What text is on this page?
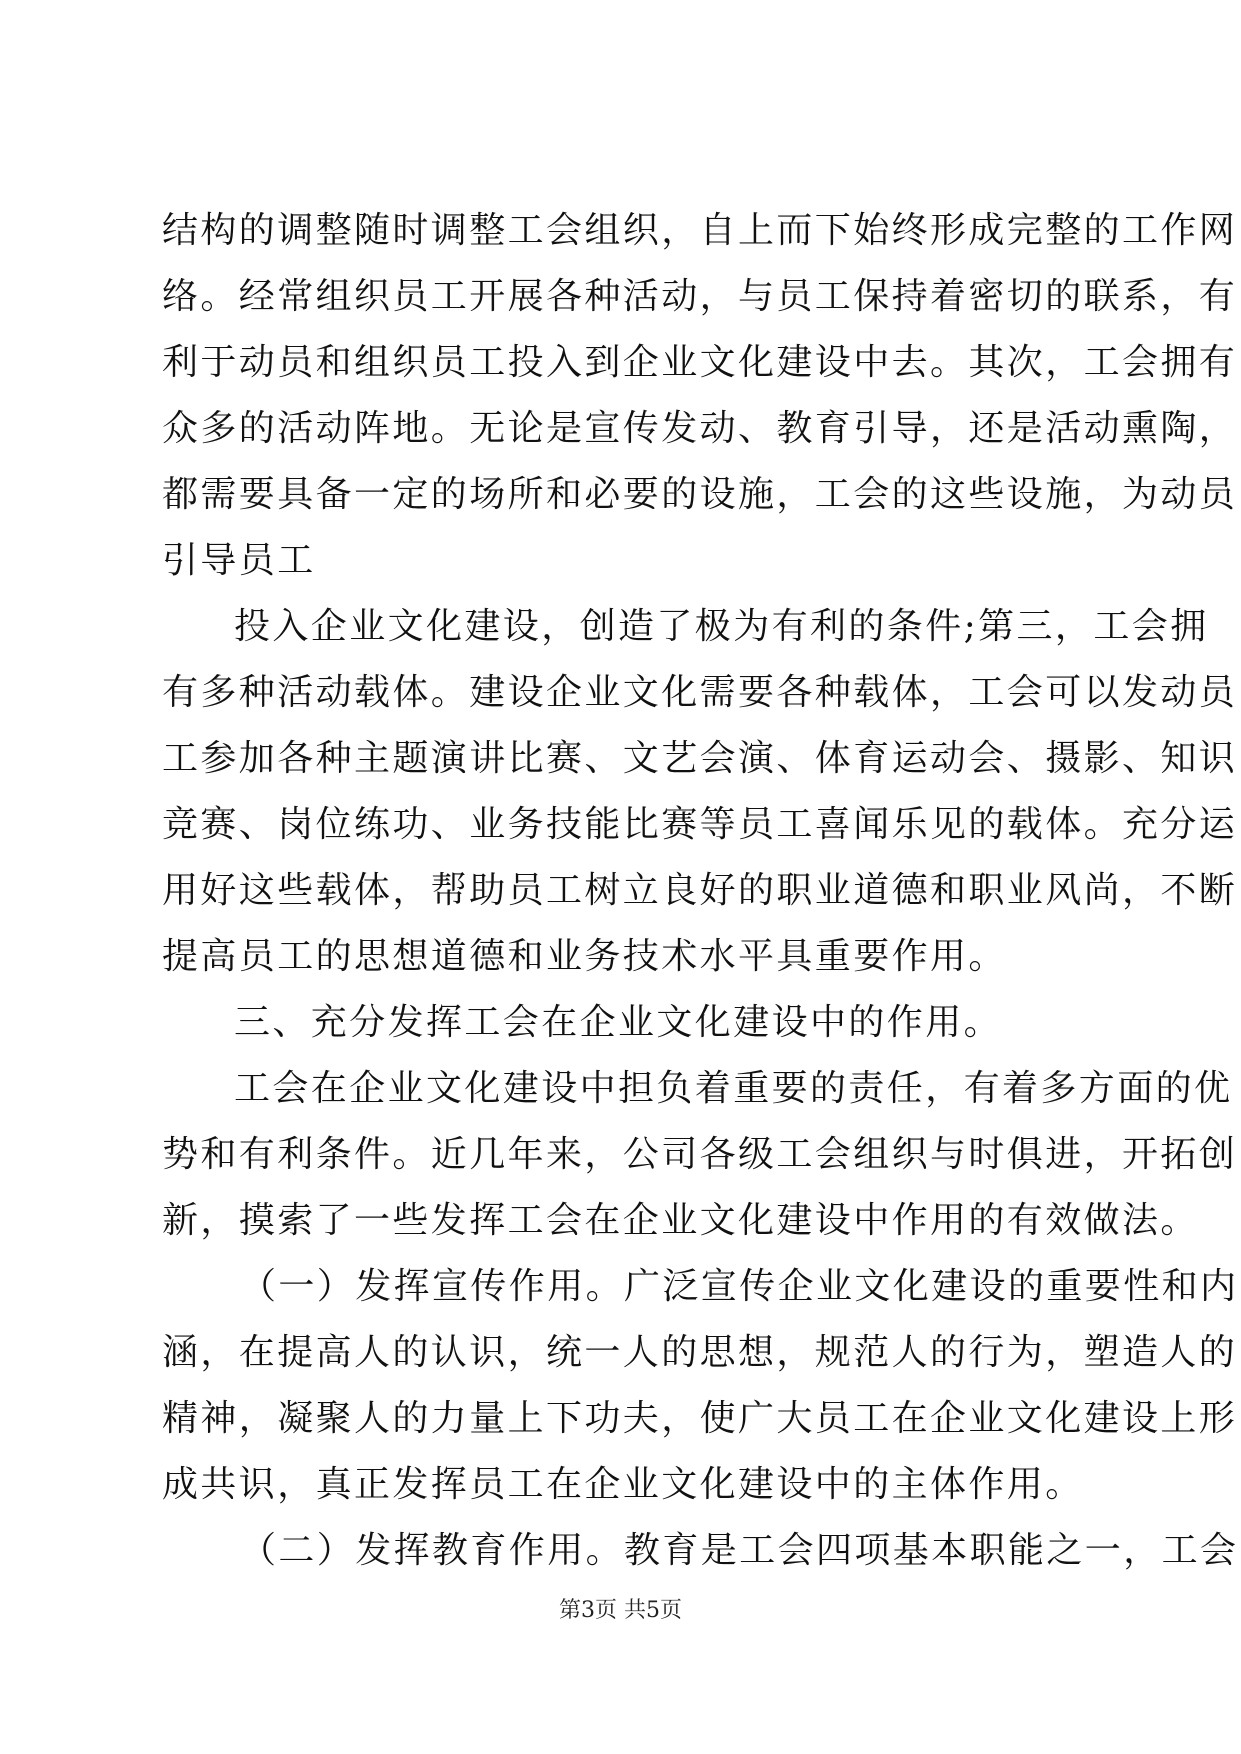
结构的调整随时调整工会组织，自上而下始终形成完整的工作网
络。经常组织员工开展各种活动，与员工保持着密切的联系，有
利于动员和组织员工投入到企业文化建设中去。其次，工会拥有
众多的活动阵地。无论是宣传发动、教育引导，还是活动熏陶，
都需要具备一定的场所和必要的设施，工会的这些设施，为动员
引导员工
投入企业文化建设，创造了极为有利的条件;第三，工会拥
有多种活动载体。建设企业文化需要各种载体，工会可以发动员
工参加各种主题演讲比赛、文艺会演、体育运动会、摄影、知识
竞赛、岗位练功、业务技能比赛等员工喜闻乐见的载体。充分运
用好这些载体，帮助员工树立良好的职业道德和职业风尚，不断
提高员工的思想道德和业务技术水平具重要作用。
三、充分发挥工会在企业文化建设中的作用。
工会在企业文化建设中担负着重要的责任，有着多方面的优
势和有利条件。近几年来，公司各级工会组织与时俱进，开拓创
新，摸索了一些发挥工会在企业文化建设中作用的有效做法。
（一）发挥宣传作用。广泛宣传企业文化建设的重要性和内
涵，在提高人的认识，统一人的思想，规范人的行为，塑造人的
精神，凝聚人的力量上下功夫，使广大员工在企业文化建设上形
成共识，真正发挥员工在企业文化建设中的主体作用。
（二）发挥教育作用。教育是工会四项基本职能之一，工会
第3页 共5页
